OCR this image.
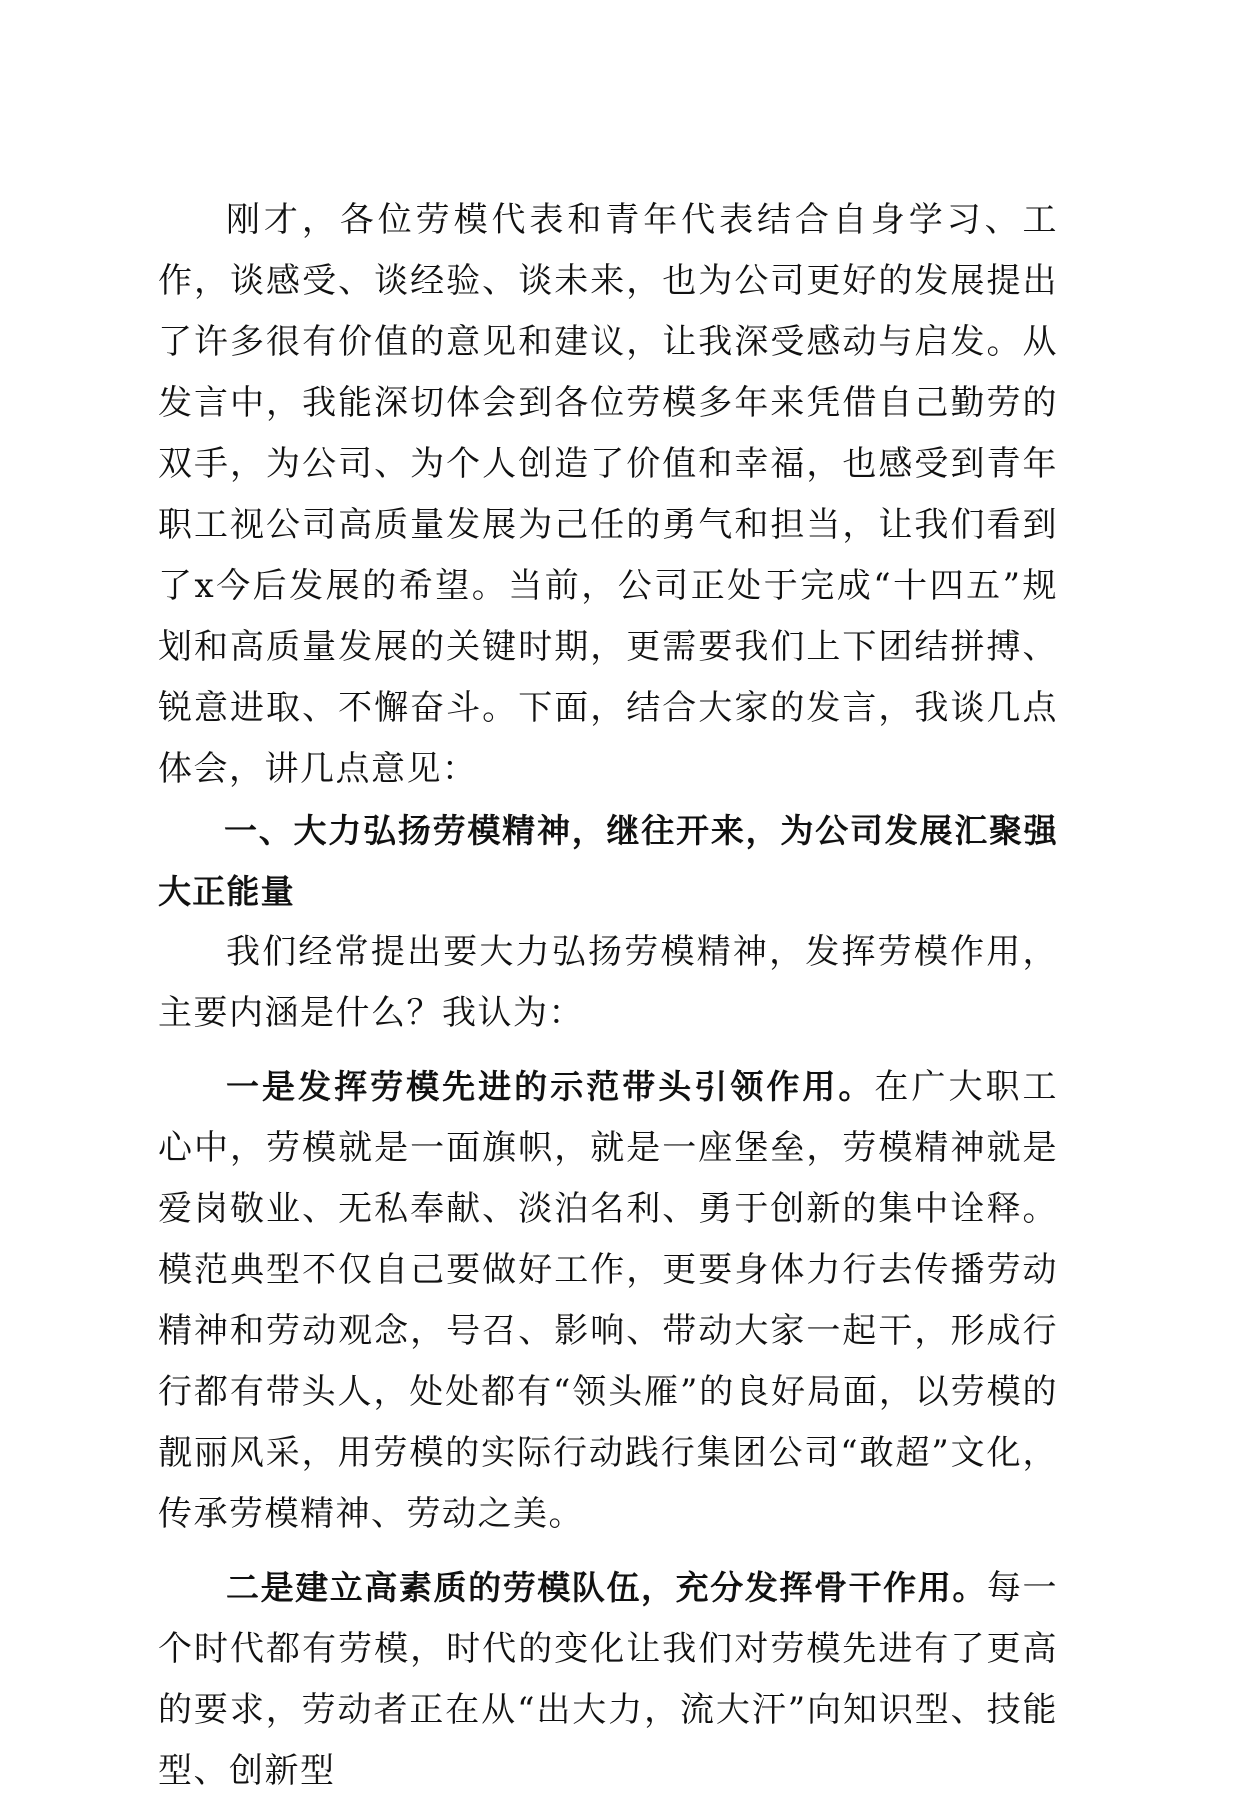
刚才，各位劳模代表和青年代表结合自身学习、工作，谈感受、谈经验、谈未来，也为公司更好的发展提出了许多很有价值的意见和建议，让我深受感动与启发。从发言中，我能深切体会到各位劳模多年来凭借自己勤劳的双手，为公司、为个人创造了价值和幸福，也感受到青年职工视公司高质量发展为己任的勇气和担当，让我们看到了x今后发展的希望。当前，公司正处于完成“十四五”规划和高质量发展的关键时期，更需要我们上下团结拼搏、锐意进取、不懈奋斗。下面，结合大家的发言，我谈几点体会，讲几点意见：

一、大力弘扬劳模精神，继往开来，为公司发展汇聚强大正能量

我们经常提出要大力弘扬劳模精神，发挥劳模作用，主要内涵是什么？我认为：

一是发挥劳模先进的示范带头引领作用。在广大职工心中，劳模就是一面旗帜，就是一座堡垒，劳模精神就是爱岗敬业、无私奉献、淡泊名利、勇于创新的集中诠释。模范典型不仅自己要做好工作，更要身体力行去传播劳动精神和劳动观念，号召、影响、带动大家一起干，形成行行都有带头人，处处都有“领头雁”的良好局面，以劳模的靓丽风采，用劳模的实际行动践行集团公司“敢超”文化，传承劳模精神、劳动之美。

二是建立高素质的劳模队伍，充分发挥骨干作用。每一个时代都有劳模，时代的变化让我们对劳模先进有了更高的要求，劳动者正在从“出大力，流大汗”向知识型、技能型、创新型
